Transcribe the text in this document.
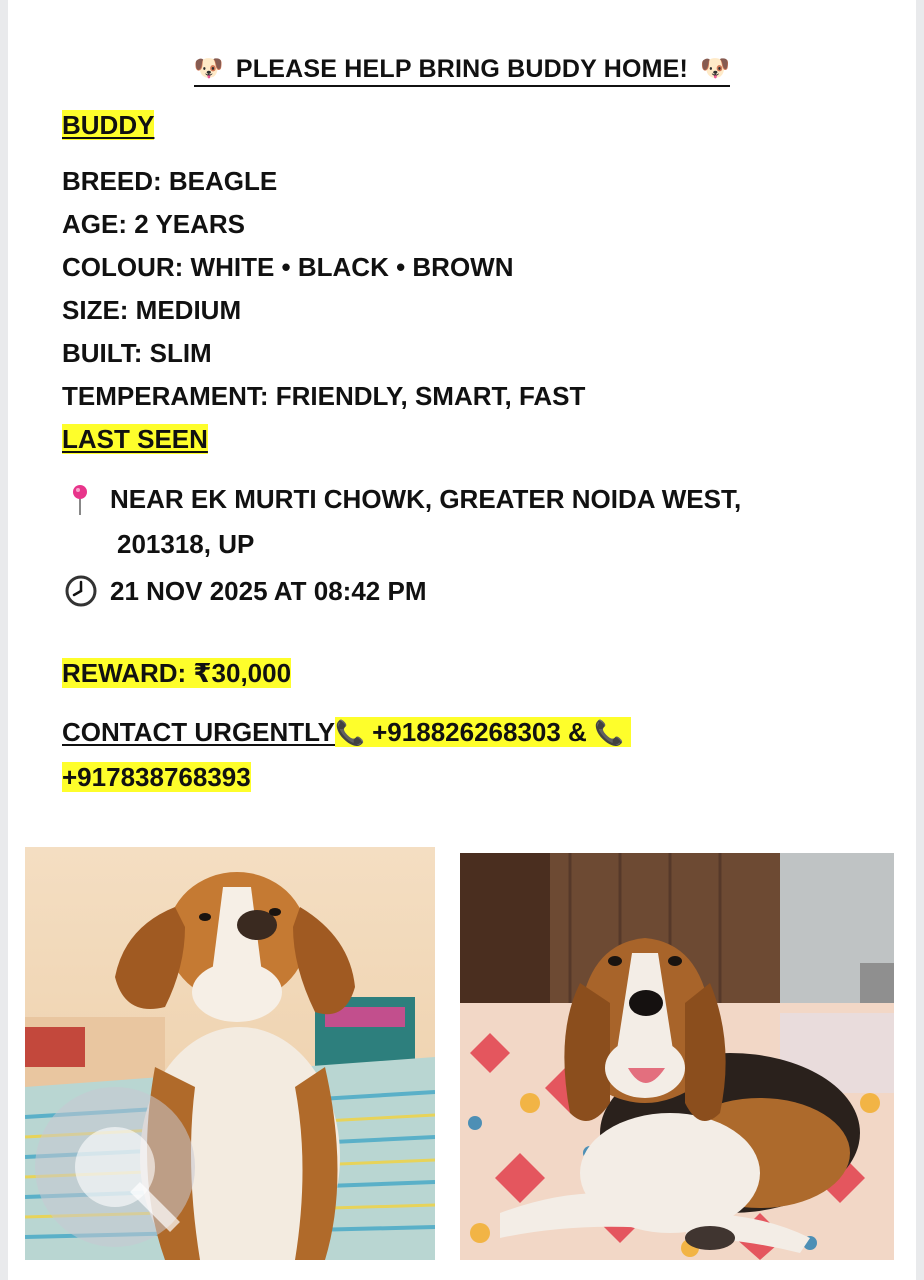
🐶 PLEASE HELP BRING BUDDY HOME! 🐶
BUDDY
BREED: BEAGLE
AGE: 2 YEARS
COLOUR: WHITE • BLACK • BROWN
SIZE: MEDIUM
BUILT: SLIM
TEMPERAMENT: FRIENDLY, SMART, FAST
LAST SEEN
NEAR EK MURTI CHOWK, GREATER NOIDA WEST,
201318, UP
21 NOV 2025 AT 08:42 PM
REWARD: ₹30,000
CONTACT URGENTLY📞 +918826268303 & 📞
+917838768393
